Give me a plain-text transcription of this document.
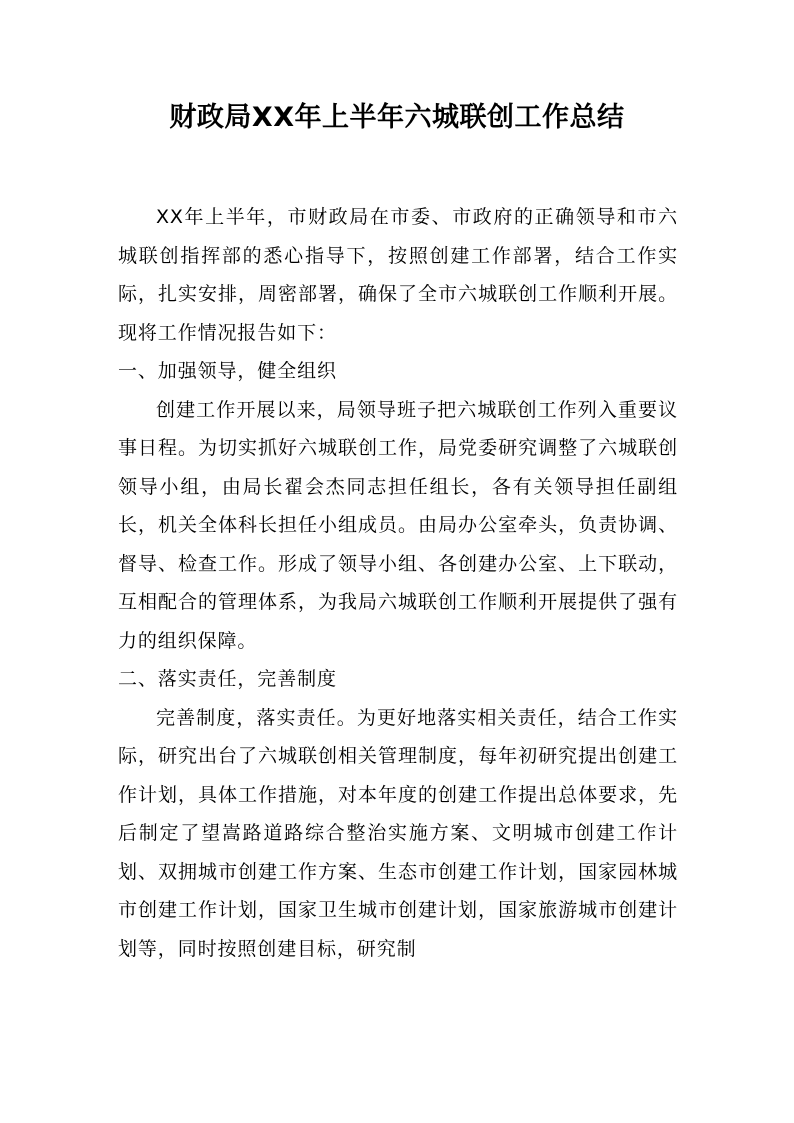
财政局XX年上半年六城联创工作总结

XX年上半年，市财政局在市委、市政府的正确领导和市六城联创指挥部的悉心指导下，按照创建工作部署，结合工作实际，扎实安排，周密部署，确保了全市六城联创工作顺利开展。现将工作情况报告如下：

一、加强领导，健全组织

创建工作开展以来，局领导班子把六城联创工作列入重要议事日程。为切实抓好六城联创工作，局党委研究调整了六城联创领导小组，由局长翟会杰同志担任组长，各有关领导担任副组长，机关全体科长担任小组成员。由局办公室牵头，负责协调、督导、检查工作。形成了领导小组、各创建办公室、上下联动，互相配合的管理体系，为我局六城联创工作顺利开展提供了强有力的组织保障。

二、落实责任，完善制度

完善制度，落实责任。为更好地落实相关责任，结合工作实际，研究出台了六城联创相关管理制度，每年初研究提出创建工作计划，具体工作措施，对本年度的创建工作提出总体要求，先后制定了望嵩路道路综合整治实施方案、文明城市创建工作计划、双拥城市创建工作方案、生态市创建工作计划，国家园林城市创建工作计划，国家卫生城市创建计划，国家旅游城市创建计划等，同时按照创建目标，研究制
